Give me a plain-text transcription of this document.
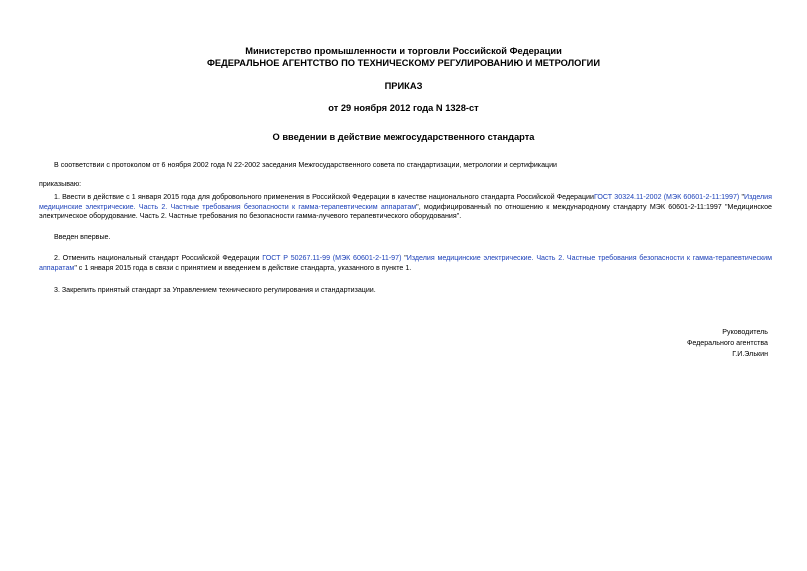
Министерство промышленности и торговли Российской Федерации
ФЕДЕРАЛЬНОЕ АГЕНТСТВО ПО ТЕХНИЧЕСКОМУ РЕГУЛИРОВАНИЮ И МЕТРОЛОГИИ
ПРИКАЗ
от 29 ноября 2012 года N 1328-ст
О введении в действие межгосударственного стандарта
В соответствии с протоколом от 6 ноября 2002 года N 22-2002 заседания Межгосударственного совета по стандартизации, метрологии и сертификации
приказываю:
1. Ввести в действие с 1 января 2015 года для добровольного применения в Российской Федерации в качестве национального стандарта Российской ФедерацииГОСТ 30324.11-2002 (МЭК 60601-2-11:1997) "Изделия медицинские электрические. Часть 2. Частные требования безопасности к гамма-терапевтическим аппаратам", модифицированный по отношению к международному стандарту МЭК 60601-2-11:1997 "Медицинское электрическое оборудование. Часть 2. Частные требования по безопасности гамма-лучевого терапевтического оборудования".
Введен впервые.
2. Отменить национальный стандарт Российской Федерации ГОСТ Р 50267.11-99 (МЭК 60601-2-11-97) "Изделия медицинские электрические. Часть 2. Частные требования безопасности к гамма-терапевтическим аппаратам" с 1 января 2015 года в связи с принятием и введением в действие стандарта, указанного в пункте 1.
3. Закрепить принятый стандарт за Управлением технического регулирования и стандартизации.
Руководитель
Федерального агентства
Г.И.Элькин
